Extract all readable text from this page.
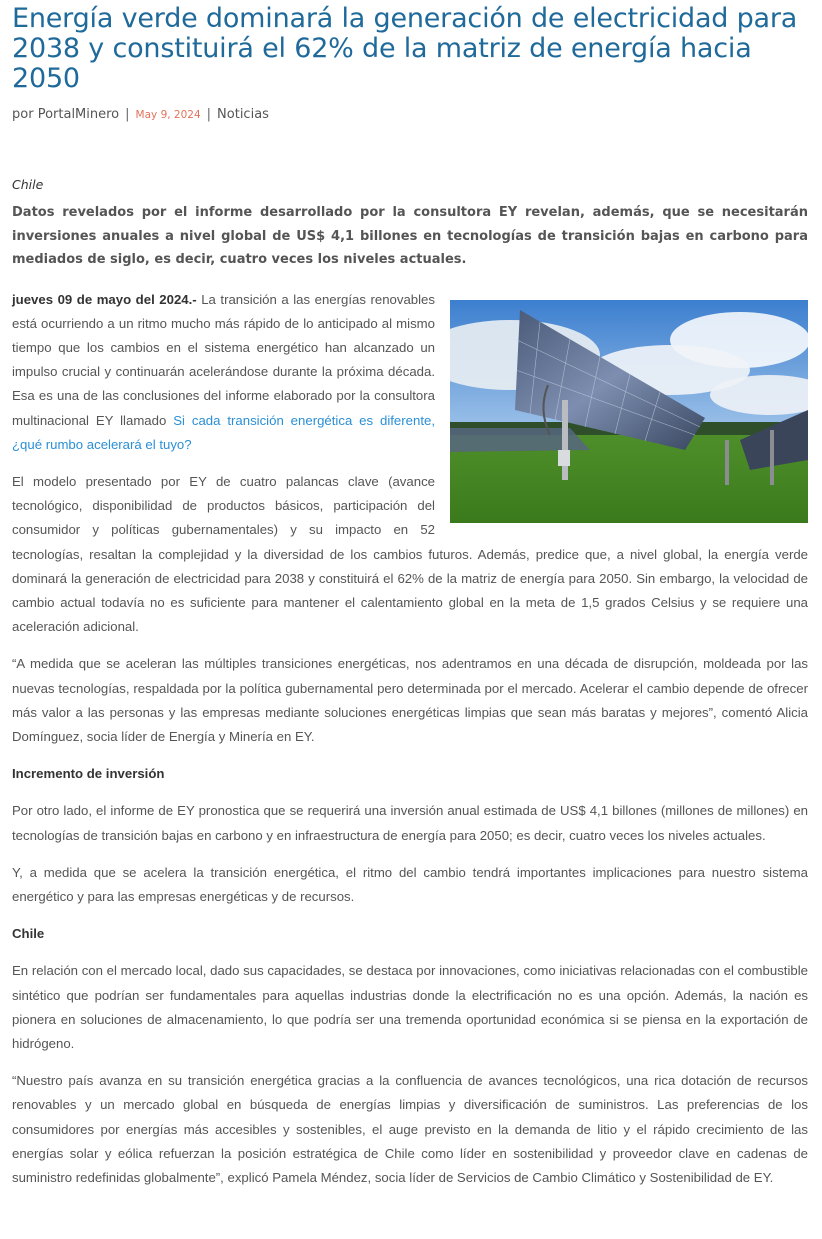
Energía verde dominará la generación de electricidad para 2038 y constituirá el 62% de la matriz de energía hacia 2050
por
PortalMinero | May 9, 2024 | Noticias
Chile
Datos revelados por el informe desarrollado por la consultora EY revelan, además, que se necesitarán inversiones anuales a nivel global de US$ 4,1 billones en tecnologías de transición bajas en carbono para mediados de siglo, es decir, cuatro veces los niveles actuales.

jueves 09 de mayo del 2024.- La transición a las energías renovables está ocurriendo a un ritmo mucho más rápido de lo anticipado al mismo tiempo que los cambios en el sistema energético han alcanzado un impulso crucial y continuarán acelerándose durante la próxima década. Esa es una de las conclusiones del informe elaborado por la consultora multinacional EY llamado Si cada transición energética es diferente, ¿qué rumbo acelerará el tuyo?

El modelo presentado por EY de cuatro palancas clave (avance tecnológico, disponibilidad de productos básicos, participación del consumidor y políticas gubernamentales) y su impacto en 52 tecnologías, resaltan la complejidad y la diversidad de los cambios futuros. Además, predice que, a nivel global, la energía verde dominará la generación de electricidad para 2038 y constituirá el 62% de la matriz de energía para 2050. Sin embargo, la velocidad de cambio actual todavía no es suficiente para mantener el calentamiento global en la meta de 1,5 grados Celsius y se requiere una aceleración adicional.

“A medida que se aceleran las múltiples transiciones energéticas, nos adentramos en una década de disrupción, moldeada por las nuevas tecnologías, respaldada por la política gubernamental pero determinada por el mercado. Acelerar el cambio depende de ofrecer más valor a las personas y las empresas mediante soluciones energéticas limpias que sean más baratas y mejores”, comentó Alicia Domínguez, socia líder de Energía y Minería en EY.

Incremento de inversión

Por otro lado, el informe de EY pronostica que se requerirá una inversión anual estimada de US$ 4,1 billones (millones de millones) en tecnologías de transición bajas en carbono y en infraestructura de energía para 2050; es decir, cuatro veces los niveles actuales.

Y, a medida que se acelera la transición energética, el ritmo del cambio tendrá importantes implicaciones para nuestro sistema energético y para las empresas energéticas y de recursos.

Chile

En relación con el mercado local, dado sus capacidades, se destaca por innovaciones, como iniciativas relacionadas con el combustible sintético que podrían ser fundamentales para aquellas industrias donde la electrificación no es una opción. Además, la nación es pionera en soluciones de almacenamiento, lo que podría ser una tremenda oportunidad económica si se piensa en la exportación de hidrógeno.

“Nuestro país avanza en su transición energética gracias a la confluencia de avances tecnológicos, una rica dotación de recursos renovables y un mercado global en búsqueda de energías limpias y diversificación de suministros. Las preferencias de los consumidores por energías más accesibles y sostenibles, el auge previsto en la demanda de litio y el rápido crecimiento de las energías solar y eólica refuerzan la posición estratégica de Chile como líder en sostenibilidad y proveedor clave en cadenas de suministro redefinidas globalmente”, explicó Pamela Méndez, socia líder de Servicios de Cambio Climático y Sostenibilidad de EY.
